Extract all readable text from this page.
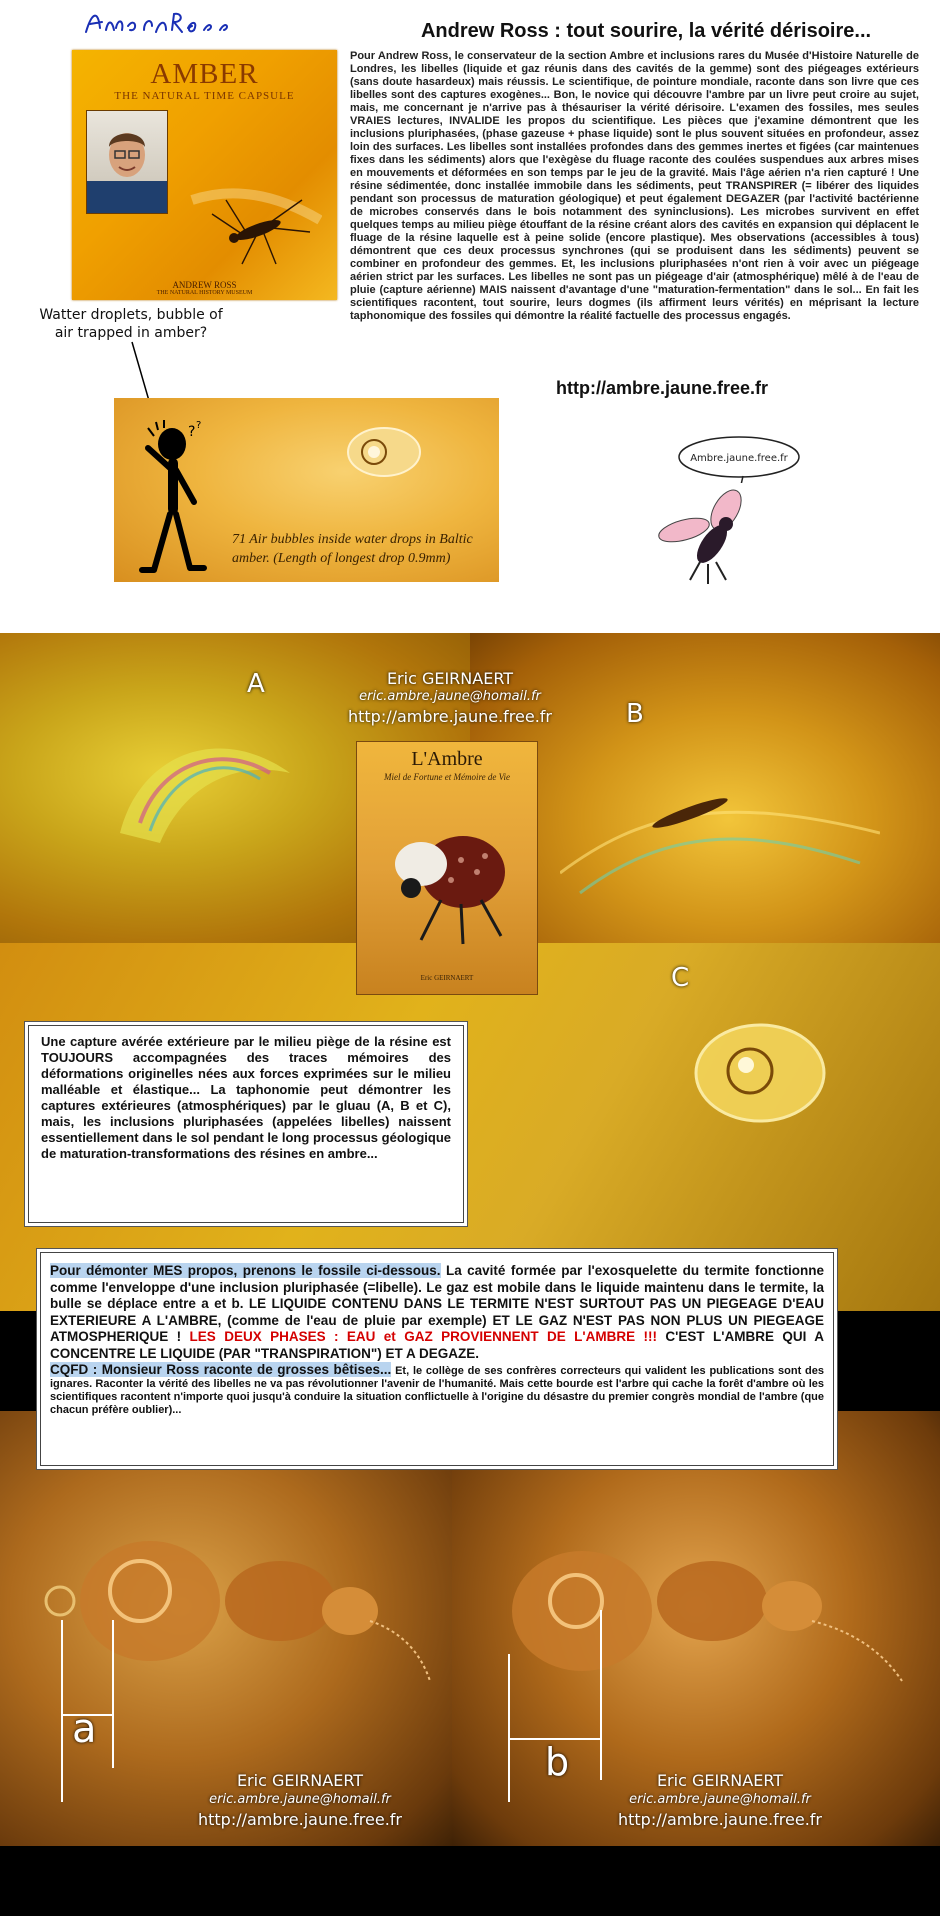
AMBER
THE NATURAL TIME CAPSULE
ANDREW ROSS
THE NATURAL HISTORY MUSEUM
Andrew Ross : tout sourire, la vérité dérisoire...
Pour Andrew Ross, le conservateur de la section Ambre et inclusions rares du Musée d'Histoire Naturelle de Londres, les libelles (liquide et gaz réunis dans des cavités de la gemme) sont des piégeages extérieurs (sans doute hasardeux) mais réussis. Le scientifique, de pointure mondiale, raconte dans son livre que ces libelles sont des captures exogènes... Bon, le novice qui découvre l'ambre par un livre peut croire au sujet, mais, me concernant je n'arrive pas à thésauriser la vérité dérisoire. L'examen des fossiles, mes seules VRAIES lectures, INVALIDE les propos du scientifique. Les pièces que j'examine démontrent que les inclusions pluriphasées, (phase gazeuse + phase liquide) sont le plus souvent situées en profondeur, assez loin des surfaces. Les libelles sont installées profondes dans des gemmes inertes et figées (car maintenues fixes dans les sédiments) alors que l'exègèse du fluage raconte des coulées suspendues aux arbres mises en mouvements et déformées en son temps par le jeu de la gravité. Mais l'âge aérien n'a rien capturé ! Une résine sédimentée, donc installée immobile dans les sédiments, peut TRANSPIRER (= libérer des liquides pendant son processus de maturation géologique) et peut également DEGAZER (par l'activité bactérienne de microbes conservés dans le bois notamment des syninclusions). Les microbes survivent en effet quelques temps au milieu piège étouffant de la résine créant alors des cavités en expansion qui déplacent le fluage de la résine laquelle est à peine solide (encore plastique). Mes observations (accessibles à tous) démontrent que ces deux processus synchrones (qui se produisent dans les sédiments) peuvent se combiner en profondeur des gemmes. Et, les inclusions pluriphasées n'ont rien à voir avec un piégeage aérien strict par les surfaces. Les libelles ne sont pas un piégeage d'air (atmosphérique) mêlé à de l'eau de pluie (capture aérienne) MAIS naissent d'avantage d'une "maturation-fermentation" dans le sol... En fait les scientifiques racontent, tout sourire, leurs dogmes (ils affirment leurs vérités) en méprisant la lecture taphonomique des fossiles qui démontre la réalité factuelle des processus engagés.
http://ambre.jaune.free.fr
Watter droplets, bubble of air trapped in amber?
? ?
71 Air bubbles inside water drops in Baltic amber. (Length of longest drop 0.9mm)
Ambre.jaune.free.fr
A
B
C
Eric GEIRNAERT
eric.ambre.jaune@homail.fr
http://ambre.jaune.free.fr
L'Ambre
Miel de Fortune et Mémoire de Vie
Eric GEIRNAERT
Une capture avérée extérieure par le milieu piège de la résine est TOUJOURS accompagnées des traces mémoires des déformations originelles nées aux forces exprimées sur le milieu malléable et élastique... La taphonomie peut démontrer les captures extérieures (atmosphériques) par le gluau (A, B et C), mais, les inclusions pluriphasées (appelées libelles) naissent essentiellement dans le sol pendant le long processus géologique de maturation-transformations des résines en ambre...
a
b
Eric GEIRNAERT
eric.ambre.jaune@homail.fr
http://ambre.jaune.free.fr
Eric GEIRNAERT
eric.ambre.jaune@homail.fr
http://ambre.jaune.free.fr
Pour démonter MES propos, prenons le fossile ci-dessous. La cavité formée par l'exosquelette du termite fonctionne comme l'enveloppe d'une inclusion pluriphasée (=libelle). Le gaz est mobile dans le liquide maintenu dans le termite, la bulle se déplace entre a et b. LE LIQUIDE CONTENU DANS LE TERMITE N'EST SURTOUT PAS UN PIEGEAGE D'EAU EXTERIEURE A L'AMBRE, (comme de l'eau de pluie par exemple) ET LE GAZ N'EST PAS NON PLUS UN PIEGEAGE ATMOSPHERIQUE ! LES DEUX PHASES : EAU et GAZ PROVIENNENT DE L'AMBRE !!! C'EST L'AMBRE QUI A CONCENTRE LE LIQUIDE (PAR "TRANSPIRATION") ET A DEGAZE.
CQFD : Monsieur Ross raconte de grosses bêtises... Et, le collège de ses confrères correcteurs qui valident les publications sont des ignares. Raconter la vérité des libelles ne va pas révolutionner l'avenir de l'humanité. Mais cette bourde est l'arbre qui cache la forêt d'ambre où les scientifiques racontent n'importe quoi jusqu'à conduire la situation conflictuelle à l'origine du désastre du premier congrès mondial de l'ambre (que chacun préfère oublier)...
